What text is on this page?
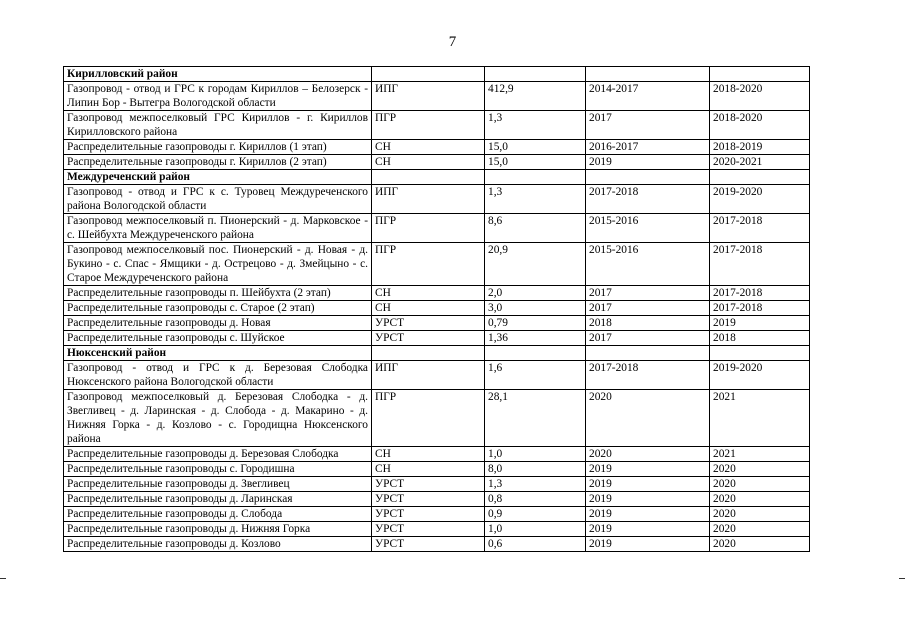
7
Кирилловский район				
Газопровод - отвод и ГРС к городам Кириллов – Белозерск - Липин Бор - Вытегра Вологодской области	ИПГ	412,9	2014-2017	2018-2020
Газопровод межпоселковый ГРС Кириллов - г. Кириллов Кирилловского района	ПГР	1,3	2017	2018-2020
Распределительные газопроводы г. Кириллов (1 этап)	СН	15,0	2016-2017	2018-2019
Распределительные газопроводы г. Кириллов (2 этап)	СН	15,0	2019	2020-2021
Междуреченский район				
Газопровод - отвод и ГРС к с. Туровец Междуреченского района Вологодской области	ИПГ	1,3	2017-2018	2019-2020
Газопровод межпоселковый п. Пионерский - д. Марковское - с. Шейбухта Междуреченского района	ПГР	8,6	2015-2016	2017-2018
Газопровод межпоселковый пос. Пионерский - д. Новая - д. Букино - с. Спас - Ямщики - д. Острецово - д. Змейцыно - с. Старое Междуреченского района	ПГР	20,9	2015-2016	2017-2018
Распределительные газопроводы п. Шейбухта (2 этап)	СН	2,0	2017	2017-2018
Распределительные газопроводы с. Старое (2 этап)	СН	3,0	2017	2017-2018
Распределительные газопроводы д. Новая	УРСТ	0,79	2018	2019
Распределительные газопроводы с. Шуйское	УРСТ	1,36	2017	2018
Нюксенский район				
Газопровод - отвод и ГРС к д. Березовая Слободка Нюксенского района Вологодской области	ИПГ	1,6	2017-2018	2019-2020
Газопровод межпоселковый д. Березовая Слободка - д. Звегливец - д. Ларинская - д. Слобода - д. Макарино - д. Нижняя Горка - д. Козлово - с. Городищна Нюксенского района	ПГР	28,1	2020	2021
Распределительные газопроводы д. Березовая Слободка	СН	1,0	2020	2021
Распределительные газопроводы с. Городишна	СН	8,0	2019	2020
Распределительные газопроводы д. Звегливец	УРСТ	1,3	2019	2020
Распределительные газопроводы д. Ларинская	УРСТ	0,8	2019	2020
Распределительные газопроводы д. Слобода	УРСТ	0,9	2019	2020
Распределительные газопроводы д. Нижняя Горка	УРСТ	1,0	2019	2020
Распределительные газопроводы д. Козлово	УРСТ	0,6	2019	2020
